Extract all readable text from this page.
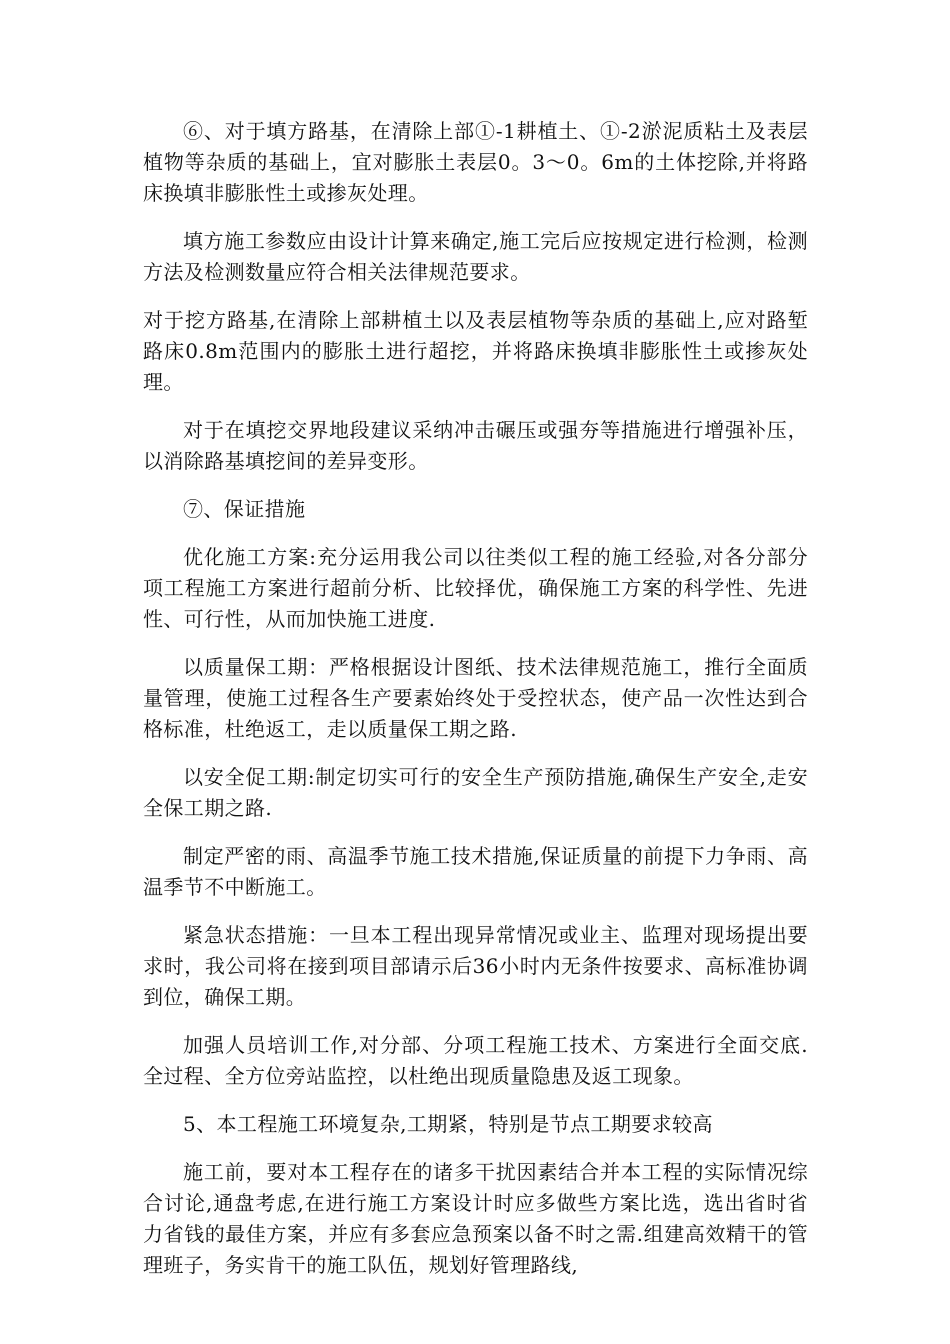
⑥、对于填方路基，在清除上部①-1耕植土、①-2淤泥质粘土及表层植物等杂质的基础上，宜对膨胀土表层0。3～0。6m的土体挖除,并将路床换填非膨胀性土或掺灰处理。

填方施工参数应由设计计算来确定,施工完后应按规定进行检测，检测方法及检测数量应符合相关法律规范要求。

对于挖方路基,在清除上部耕植土以及表层植物等杂质的基础上,应对路堑路床0.8m范围内的膨胀土进行超挖，并将路床换填非膨胀性土或掺灰处理。

对于在填挖交界地段建议采纳冲击碾压或强夯等措施进行增强补压，以消除路基填挖间的差异变形。

⑦、保证措施

优化施工方案:充分运用我公司以往类似工程的施工经验,对各分部分项工程施工方案进行超前分析、比较择优，确保施工方案的科学性、先进性、可行性，从而加快施工进度.

以质量保工期：严格根据设计图纸、技术法律规范施工，推行全面质量管理，使施工过程各生产要素始终处于受控状态，使产品一次性达到合格标准，杜绝返工，走以质量保工期之路.

以安全促工期:制定切实可行的安全生产预防措施,确保生产安全,走安全保工期之路.

制定严密的雨、高温季节施工技术措施,保证质量的前提下力争雨、高温季节不中断施工。

紧急状态措施：一旦本工程出现异常情况或业主、监理对现场提出要求时，我公司将在接到项目部请示后36小时内无条件按要求、高标准协调到位，确保工期。

加强人员培训工作,对分部、分项工程施工技术、方案进行全面交底.全过程、全方位旁站监控，以杜绝出现质量隐患及返工现象。

5、本工程施工环境复杂,工期紧，特别是节点工期要求较高

施工前，要对本工程存在的诸多干扰因素结合并本工程的实际情况综合讨论,通盘考虑,在进行施工方案设计时应多做些方案比选，选出省时省力省钱的最佳方案，并应有多套应急预案以备不时之需.组建高效精干的管理班子，务实肯干的施工队伍，规划好管理路线,
